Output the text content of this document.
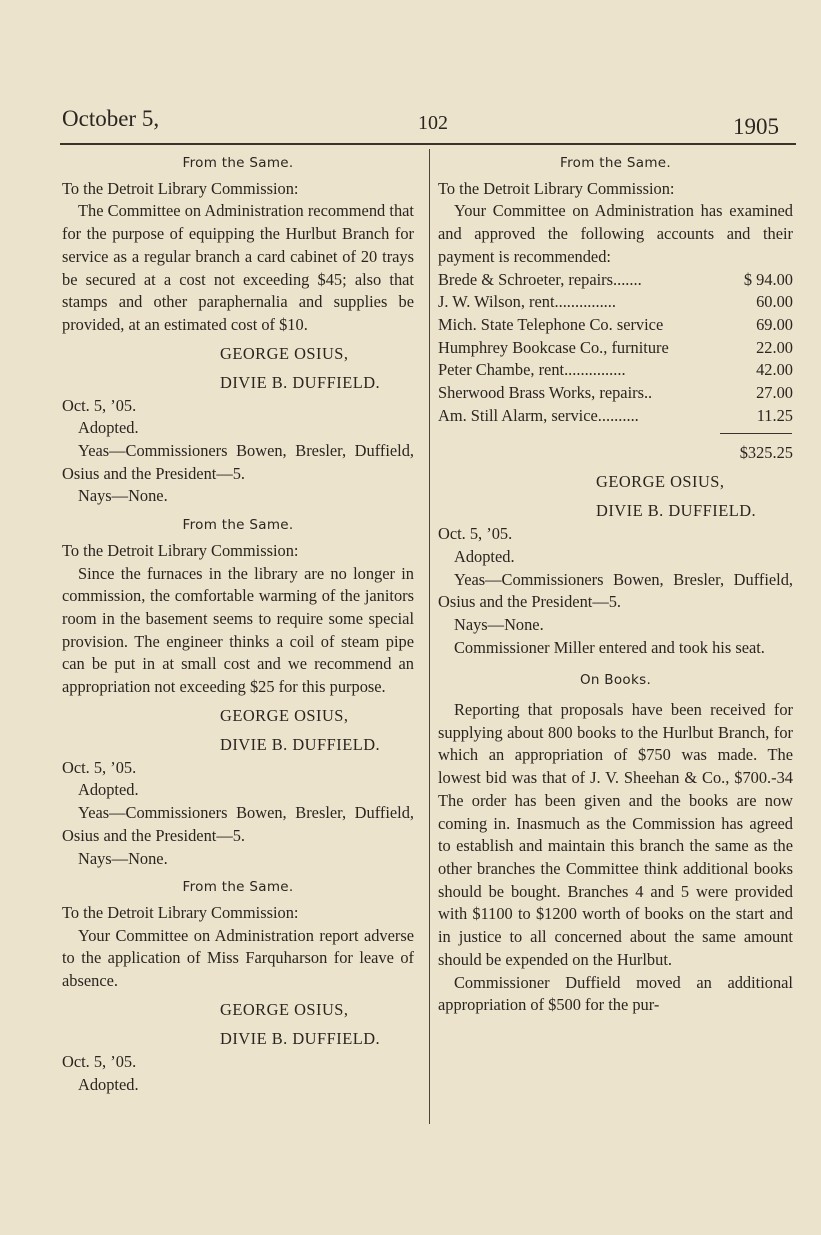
October 5,	102	1905
From the Same.

To the Detroit Library Commission:

The Committee on Administration recommend that for the purpose of equipping the Hurlbut Branch for service as a regular branch a card cabinet of 20 trays be secured at a cost not exceeding $45; also that stamps and other paraphernalia and supplies be provided, at an estimated cost of $10.

GEORGE OSIUS,
DIVIE B. DUFFIELD.

Oct. 5, ’05.

Adopted.

Yeas—Commissioners Bowen, Bresler, Duffield, Osius and the President—5.

Nays—None.

From the Same.

To the Detroit Library Commission:

Since the furnaces in the library are no longer in commission, the comfortable warming of the janitors room in the basement seems to require some special provision. The engineer thinks a coil of steam pipe can be put in at small cost and we recommend an appropriation not exceeding $25 for this purpose.

GEORGE OSIUS,
DIVIE B. DUFFIELD.

Oct. 5, ’05.

Adopted.

Yeas—Commissioners Bowen, Bresler, Duffield, Osius and the President—5.

Nays—None.

From the Same.

To the Detroit Library Commission:

Your Committee on Administration report adverse to the application of Miss Farquharson for leave of absence.

GEORGE OSIUS,
DIVIE B. DUFFIELD.

Oct. 5, ’05.

Adopted.

From the Same.

To the Detroit Library Commission:

Your Committee on Administration has examined and approved the following accounts and their payment is recommended:

Brede & Schroeter, repairs.......	$ 94.00
J. W. Wilson, rent...............	60.00
Mich. State Telephone Co. service	69.00
Humphrey Bookcase Co., furniture	22.00
Peter Chambe, rent...............	42.00
Sherwood Brass Works, repairs..	27.00
Am. Still Alarm, service..........	11.25
$325.25
GEORGE OSIUS,
DIVIE B. DUFFIELD.

Oct. 5, ’05.

Adopted.

Yeas—Commissioners Bowen, Bresler, Duffield, Osius and the President—5.

Nays—None.

Commissioner Miller entered and took his seat.

On Books.

Reporting that proposals have been received for supplying about 800 books to the Hurlbut Branch, for which an appropriation of $750 was made. The lowest bid was that of J. V. Sheehan & Co., $700.-34 The order has been given and the books are now coming in. Inasmuch as the Commission has agreed to establish and maintain this branch the same as the other branches the Committee think additional books should be bought. Branches 4 and 5 were provided with $1100 to $1200 worth of books on the start and in justice to all concerned about the same amount should be expended on the Hurlbut.

Commissioner Duffield moved an additional appropriation of $500 for the pur-
